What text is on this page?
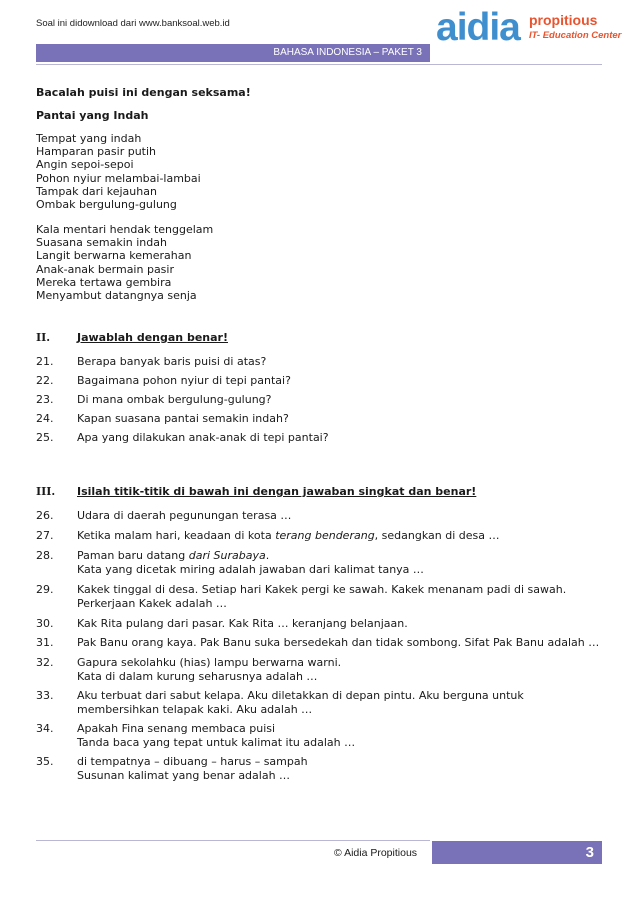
Soal ini didownload dari www.banksoal.web.id	aidia propitious
IT- Education Center
BAHASA INDONESIA – PAKET 3
Bacalah puisi ini dengan seksama!
Pantai yang Indah
Tempat yang indah
Hamparan pasir putih
Angin sepoi-sepoi
Pohon nyiur melambai-lambai
Tampak dari kejauhan
Ombak bergulung-gulung
Kala mentari hendak tenggelam
Suasana semakin indah
Langit berwarna kemerahan
Anak-anak bermain pasir
Mereka tertawa gembira
Menyambut datangnya senja
II. Jawablah dengan benar!
21. Berapa banyak baris puisi di atas?
22. Bagaimana pohon nyiur di tepi pantai?
23. Di mana ombak bergulung-gulung?
24. Kapan suasana pantai semakin indah?
25. Apa yang dilakukan anak-anak di tepi pantai?
III. Isilah titik-titik di bawah ini dengan jawaban singkat dan benar!
26. Udara di daerah pegunungan terasa …
27. Ketika malam hari, keadaan di kota terang benderang, sedangkan di desa …
28. Paman baru datang dari Surabaya.
Kata yang dicetak miring adalah jawaban dari kalimat tanya …
29. Kakek tinggal di desa. Setiap hari Kakek pergi ke sawah. Kakek menanam padi di sawah.
Perkerjaan Kakek adalah …
30. Kak Rita pulang dari pasar. Kak Rita … keranjang belanjaan.
31. Pak Banu orang kaya. Pak Banu suka bersedekah dan tidak sombong. Sifat Pak Banu adalah …
32. Gapura sekolahku (hias) lampu berwarna warni.
Kata di dalam kurung seharusnya adalah …
33. Aku terbuat dari sabut kelapa. Aku diletakkan di depan pintu. Aku berguna untuk
membersihkan telapak kaki. Aku adalah …
34. Apakah Fina senang membaca puisi
Tanda baca yang tepat untuk kalimat itu adalah …
35. di tempatnya – dibuang – harus – sampah
Susunan kalimat yang benar adalah …
© Aidia Propitious	3
